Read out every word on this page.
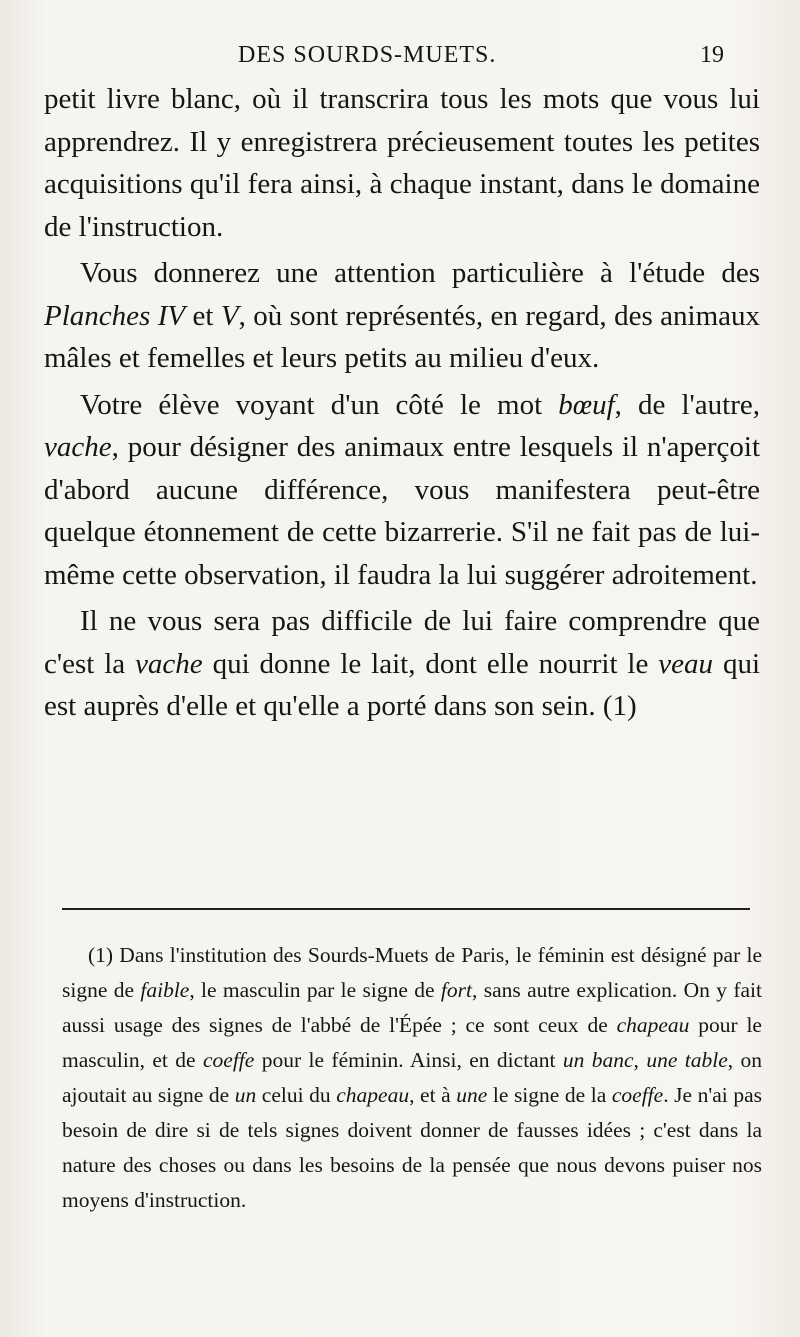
DES SOURDS-MUETS.	19

petit livre blanc, où il transcrira tous les mots que vous lui apprendrez. Il y enregistrera précieusement toutes les petites acquisitions qu'il fera ainsi, à chaque instant, dans le domaine de l'instruction.

Vous donnerez une attention particulière à l'étude des Planches IV et V, où sont représentés, en regard, des animaux mâles et femelles et leurs petits au milieu d'eux.

Votre élève voyant d'un côté le mot bœuf, de l'autre, vache, pour désigner des animaux entre lesquels il n'aperçoit d'abord aucune différence, vous manifestera peut-être quelque étonnement de cette bizarrerie. S'il ne fait pas de lui-même cette observation, il faudra la lui suggérer adroitement.

Il ne vous sera pas difficile de lui faire comprendre que c'est la vache qui donne le lait, dont elle nourrit le veau qui est auprès d'elle et qu'elle a porté dans son sein. (1)

(1) Dans l'institution des Sourds-Muets de Paris, le féminin est désigné par le signe de faible, le masculin par le signe de fort, sans autre explication. On y fait aussi usage des signes de l'abbé de l'Épée ; ce sont ceux de chapeau pour le masculin, et de coeffe pour le féminin. Ainsi, en dictant un banc, une table, on ajoutait au signe de un celui du chapeau, et à une le signe de la coeffe. Je n'ai pas besoin de dire si de tels signes doivent donner de fausses idées ; c'est dans la nature des choses ou dans les besoins de la pensée que nous devons puiser nos moyens d'instruction.
